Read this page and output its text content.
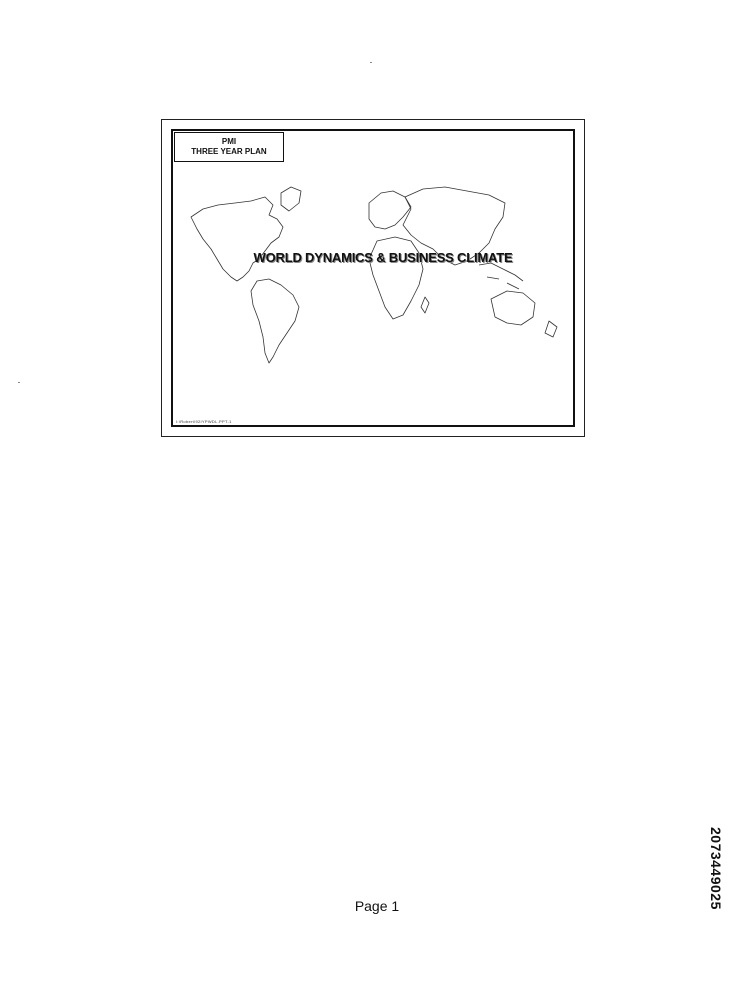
PMI
THREE YEAR PLAN
WORLD DYNAMICS & BUSINESS CLIMATE
I:\Robert\92IYPWDL.PPT-1
Page 1	2073449025
